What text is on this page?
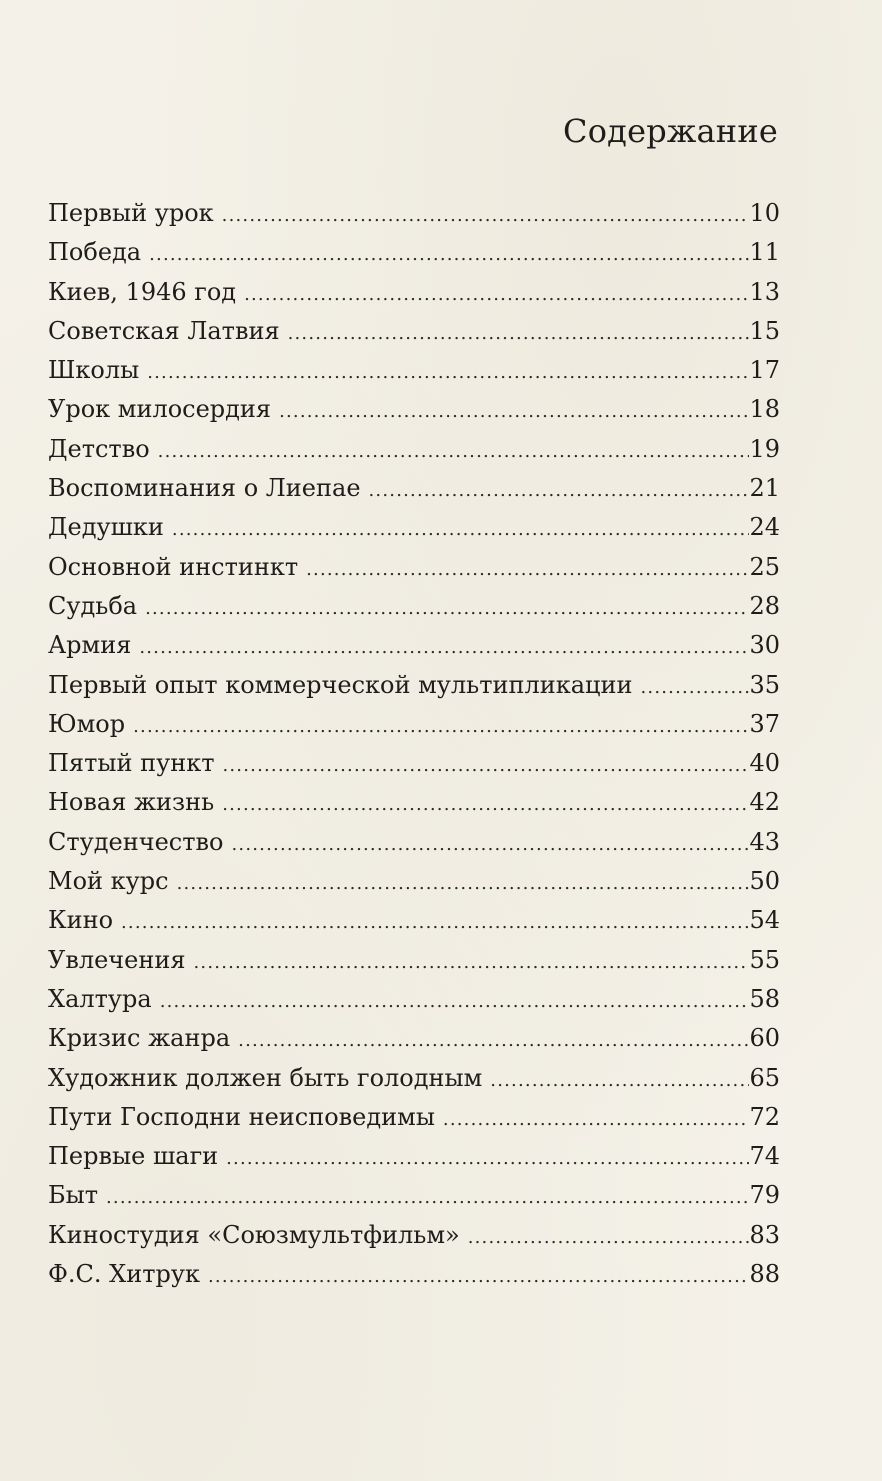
Содержание
Первый урок .....	10
Победа .....	11
Киев, 1946 год .....	13
Советская Латвия .....	15
Школы .....	17
Урок милосердия .....	18
Детство .....	19
Воспоминания о Лиепае .....	21
Дедушки .....	24
Основной инстинкт .....	25
Судьба .....	28
Армия .....	30
Первый опыт коммерческой мультипликации .....	35
Юмор .....	37
Пятый пункт .....	40
Новая жизнь .....	42
Студенчество .....	43
Мой курс .....	50
Кино .....	54
Увлечения .....	55
Халтура .....	58
Кризис жанра .....	60
Художник должен быть голодным .....	65
Пути Господни неисповедимы .....	72
Первые шаги .....	74
Быт .....	79
Киностудия «Союзмультфильм» .....	83
Ф.С. Хитрук .....	88
